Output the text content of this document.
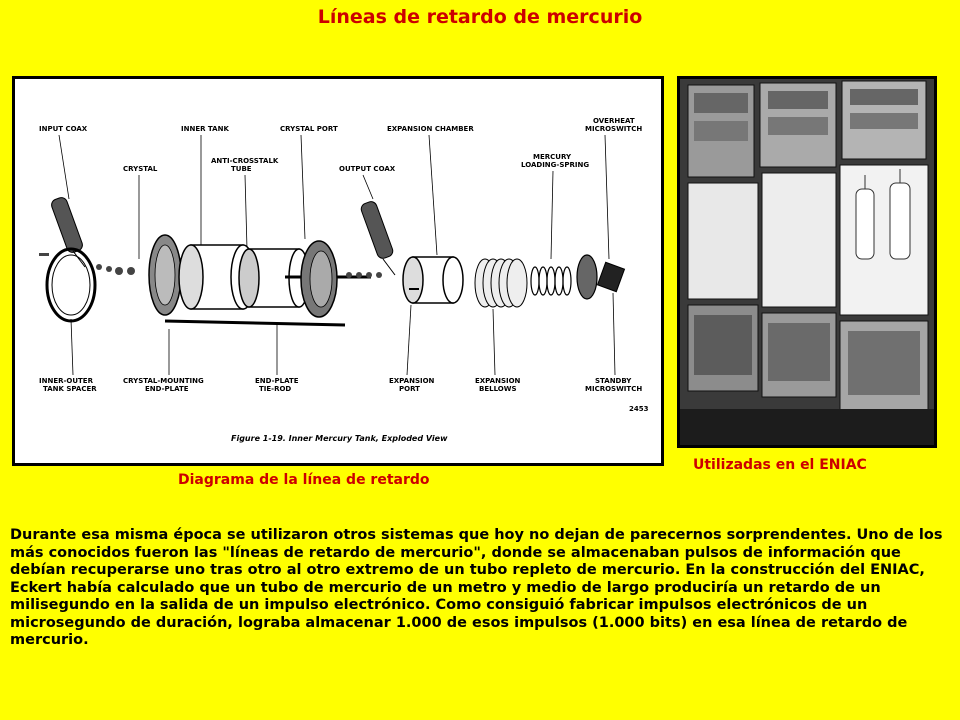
Líneas de retardo de mercurio
INPUT COAX	INNER TANK	CRYSTAL PORT	EXPANSION CHAMBER
OVERHEAT
MICROSWITCH
CRYSTAL
ANTI-CROSSTALK
TUBE	OUTPUT COAX
MERCURY
LOADING-SPRING
INNER-OUTER
TANK SPACER
CRYSTAL-MOUNTING
END-PLATE
END-PLATE
TIE-ROD
EXPANSION
PORT
EXPANSION
BELLOWS
STANDBY
MICROSWITCH
2453
Figure 1-19. Inner Mercury Tank, Exploded View
Utilizadas en el ENIAC
Diagrama de la línea de retardo
Durante esa misma época se utilizaron otros sistemas que hoy no dejan de parecernos sorprendentes. Uno de los más conocidos fueron las "líneas de retardo de mercurio", donde se almacenaban pulsos de información que debían recuperarse uno tras otro al otro extremo de un tubo repleto de mercurio. En la construcción del ENIAC, Eckert había calculado que un tubo de mercurio de un metro y medio de largo produciría un retardo de un milisegundo en la salida de un impulso electrónico. Como consiguió fabricar impulsos electrónicos de un microsegundo de duración, lograba almacenar 1.000 de esos impulsos (1.000 bits) en esa línea de retardo de mercurio.
